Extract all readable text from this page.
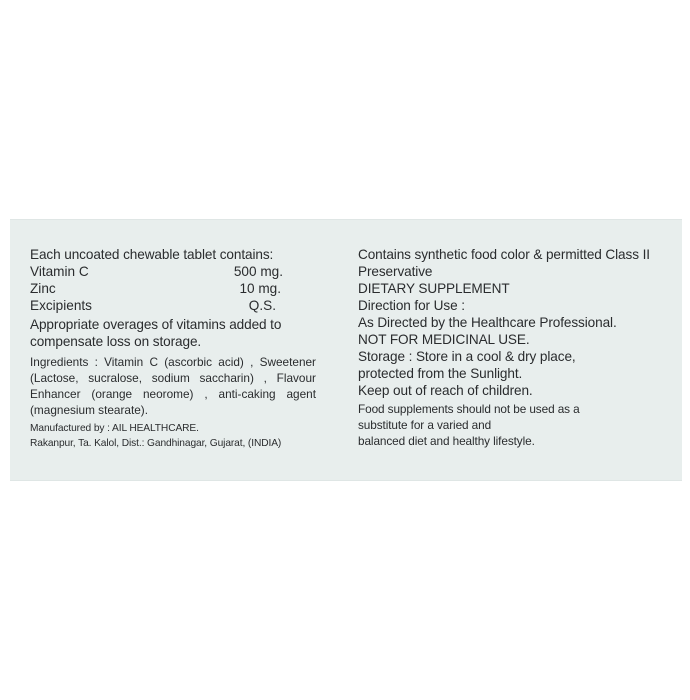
Each uncoated chewable tablet contains:
Vitamin C	500 mg.
Zinc	10 mg.
Excipients	Q.S.
Appropriate overages of vitamins added to
compensate loss on storage.
Ingredients : Vitamin C (ascorbic acid) , Sweetener
(Lactose, sucralose, sodium saccharin) , Flavour
Enhancer (orange neorome) , anti-caking agent
(magnesium stearate).
Manufactured by : AIL HEALTHCARE.
Rakanpur, Ta. Kalol, Dist.: Gandhinagar, Gujarat, (INDIA)
Contains synthetic food color & permitted Class II
Preservative
DIETARY SUPPLEMENT
Direction for Use :
As Directed by the Healthcare Professional.
NOT FOR MEDICINAL USE.
Storage : Store in a cool & dry place,
protected from the Sunlight.
Keep out of reach of children.
Food supplements should not be used as a
substitute for a varied and
balanced diet and healthy lifestyle.
